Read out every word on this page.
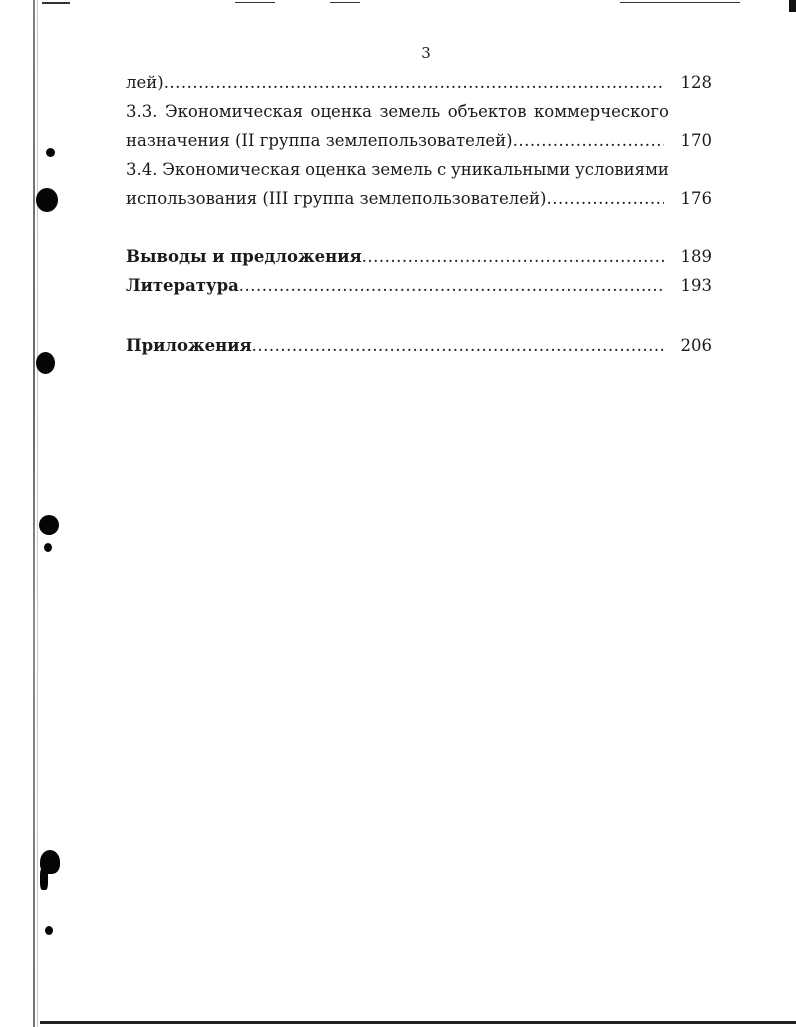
3
лей) .....	128
3.3. Экономическая оценка земель объектов коммерческого
назначения (II группа землепользователей) .....	170
3.4. Экономическая оценка земель с уникальными условиями
использования (III группа землепользователей) .....	176
Выводы и предложения .....	189
Литература .....	193
Приложения .....	206
